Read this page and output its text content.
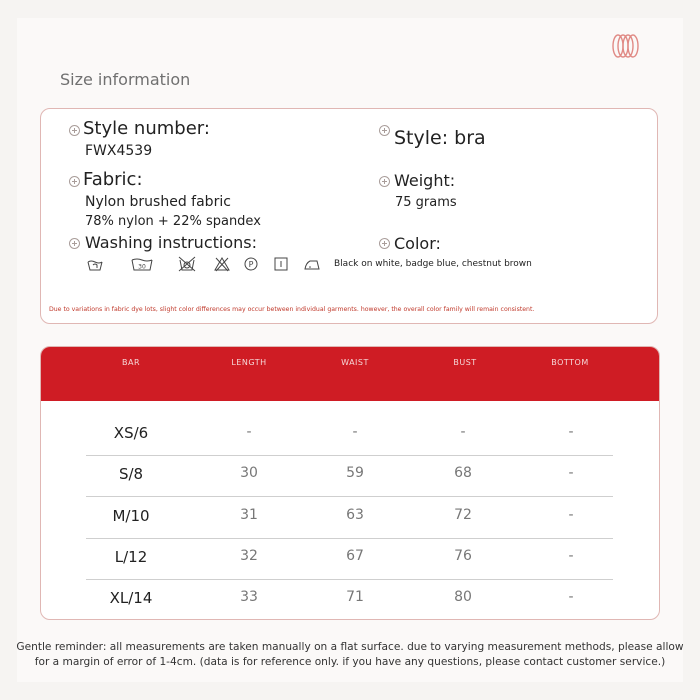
Size information
Style number:
FWX4539
Style: bra
Fabric:
Nylon brushed fabric
78% nylon + 22% spandex
Weight:
75 grams
Washing instructions:	Color:
Black on white, badge blue, chestnut brown
30	P
Due to variations in fabric dye lots, slight color differences may occur between individual garments. however, the overall color family will remain consistent.
BAR	LENGTH	WAIST	BUST	BOTTOM
XS/6	-	-	-	-
S/8	30	59	68	-
M/10	31	63	72	-
L/12	32	67	76	-
XL/14	33	71	80	-
Gentle reminder: all measurements are taken manually on a flat surface. due to varying measurement methods, please allow
for a margin of error of 1-4cm. (data is for reference only. if you have any questions, please contact customer service.)
